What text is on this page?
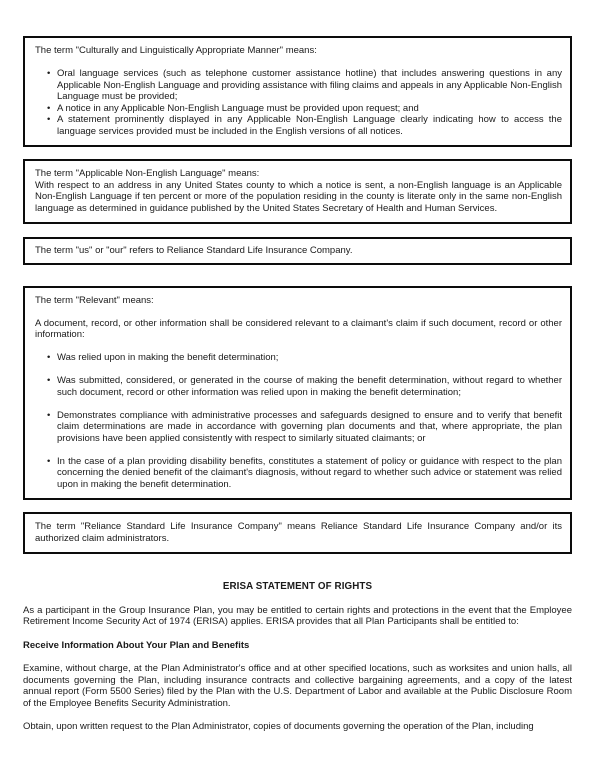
The term "Culturally and Linguistically Appropriate Manner" means:
• Oral language services (such as telephone customer assistance hotline) that includes answering questions in any Applicable Non-English Language and providing assistance with filing claims and appeals in any Applicable Non-English Language must be provided;
• A notice in any Applicable Non-English Language must be provided upon request; and
• A statement prominently displayed in any Applicable Non-English Language clearly indicating how to access the language services provided must be included in the English versions of all notices.
The term "Applicable Non-English Language" means:
With respect to an address in any United States county to which a notice is sent, a non-English language is an Applicable Non-English Language if ten percent or more of the population residing in the county is literate only in the same non-English language as determined in guidance published by the United States Secretary of Health and Human Services.
The term "us" or "our" refers to Reliance Standard Life Insurance Company.
The term "Relevant" means:
A document, record, or other information shall be considered relevant to a claimant's claim if such document, record or other information:
• Was relied upon in making the benefit determination;
• Was submitted, considered, or generated in the course of making the benefit determination, without regard to whether such document, record or other information was relied upon in making the benefit determination;
• Demonstrates compliance with administrative processes and safeguards designed to ensure and to verify that benefit claim determinations are made in accordance with governing plan documents and that, where appropriate, the plan provisions have been applied consistently with respect to similarly situated claimants; or
• In the case of a plan providing disability benefits, constitutes a statement of policy or guidance with respect to the plan concerning the denied benefit of the claimant's diagnosis, without regard to whether such advice or statement was relied upon in making the benefit determination.
The term "Reliance Standard Life Insurance Company" means Reliance Standard Life Insurance Company and/or its authorized claim administrators.
ERISA STATEMENT OF RIGHTS
As a participant in the Group Insurance Plan, you may be entitled to certain rights and protections in the event that the Employee Retirement Income Security Act of 1974 (ERISA) applies. ERISA provides that all Plan Participants shall be entitled to:
Receive Information About Your Plan and Benefits
Examine, without charge, at the Plan Administrator's office and at other specified locations, such as worksites and union halls, all documents governing the Plan, including insurance contracts and collective bargaining agreements, and a copy of the latest annual report (Form 5500 Series) filed by the Plan with the U.S. Department of Labor and available at the Public Disclosure Room of the Employee Benefits Security Administration.
Obtain, upon written request to the Plan Administrator, copies of documents governing the operation of the Plan, including
